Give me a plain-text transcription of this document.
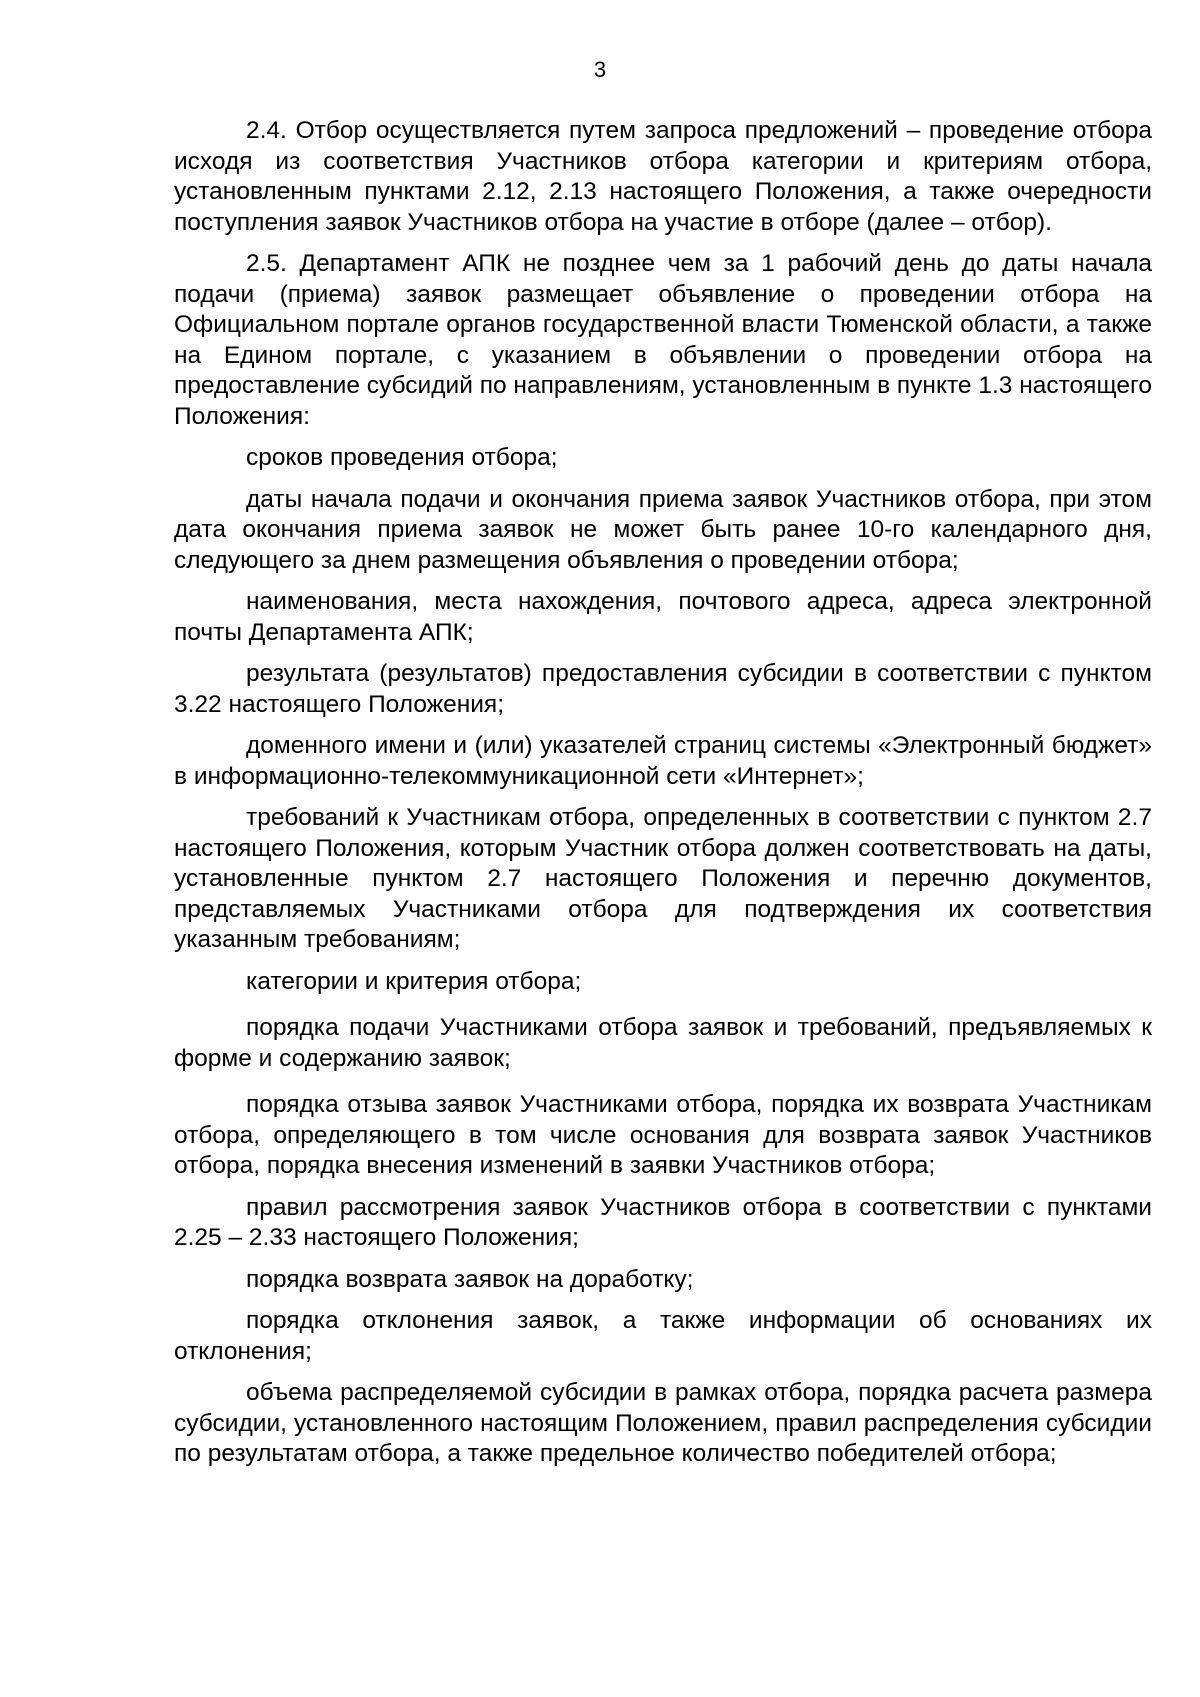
3

2.4. Отбор осуществляется путем запроса предложений – проведение отбора исходя из соответствия Участников отбора категории и критериям отбора, установленным пунктами 2.12, 2.13 настоящего Положения, а также очередности поступления заявок Участников отбора на участие в отборе (далее – отбор).

2.5. Департамент АПК не позднее чем за 1 рабочий день до даты начала подачи (приема) заявок размещает объявление о проведении отбора на Официальном портале органов государственной власти Тюменской области, а также на Едином портале, с указанием в объявлении о проведении отбора на предоставление субсидий по направлениям, установленным в пункте 1.3 настоящего Положения:

сроков проведения отбора;

даты начала подачи и окончания приема заявок Участников отбора, при этом дата окончания приема заявок не может быть ранее 10-го календарного дня, следующего за днем размещения объявления о проведении отбора;

наименования, места нахождения, почтового адреса, адреса электронной почты Департамента АПК;

результата (результатов) предоставления субсидии в соответствии с пунктом 3.22 настоящего Положения;

доменного имени и (или) указателей страниц системы «Электронный бюджет» в информационно-телекоммуникационной сети «Интернет»;

требований к Участникам отбора, определенных в соответствии с пунктом 2.7 настоящего Положения, которым Участник отбора должен соответствовать на даты, установленные пунктом 2.7 настоящего Положения и перечню документов, представляемых Участниками отбора для подтверждения их соответствия указанным требованиям;

категории и критерия отбора;

порядка подачи Участниками отбора заявок и требований, предъявляемых к форме и содержанию заявок;

порядка отзыва заявок Участниками отбора, порядка их возврата Участникам отбора, определяющего в том числе основания для возврата заявок Участников отбора, порядка внесения изменений в заявки Участников отбора;

правил рассмотрения заявок Участников отбора в соответствии с пунктами 2.25 – 2.33 настоящего Положения;

порядка возврата заявок на доработку;

порядка отклонения заявок, а также информации об основаниях их отклонения;

объема распределяемой субсидии в рамках отбора, порядка расчета размера субсидии, установленного настоящим Положением, правил распределения субсидии по результатам отбора, а также предельное количество победителей отбора;
